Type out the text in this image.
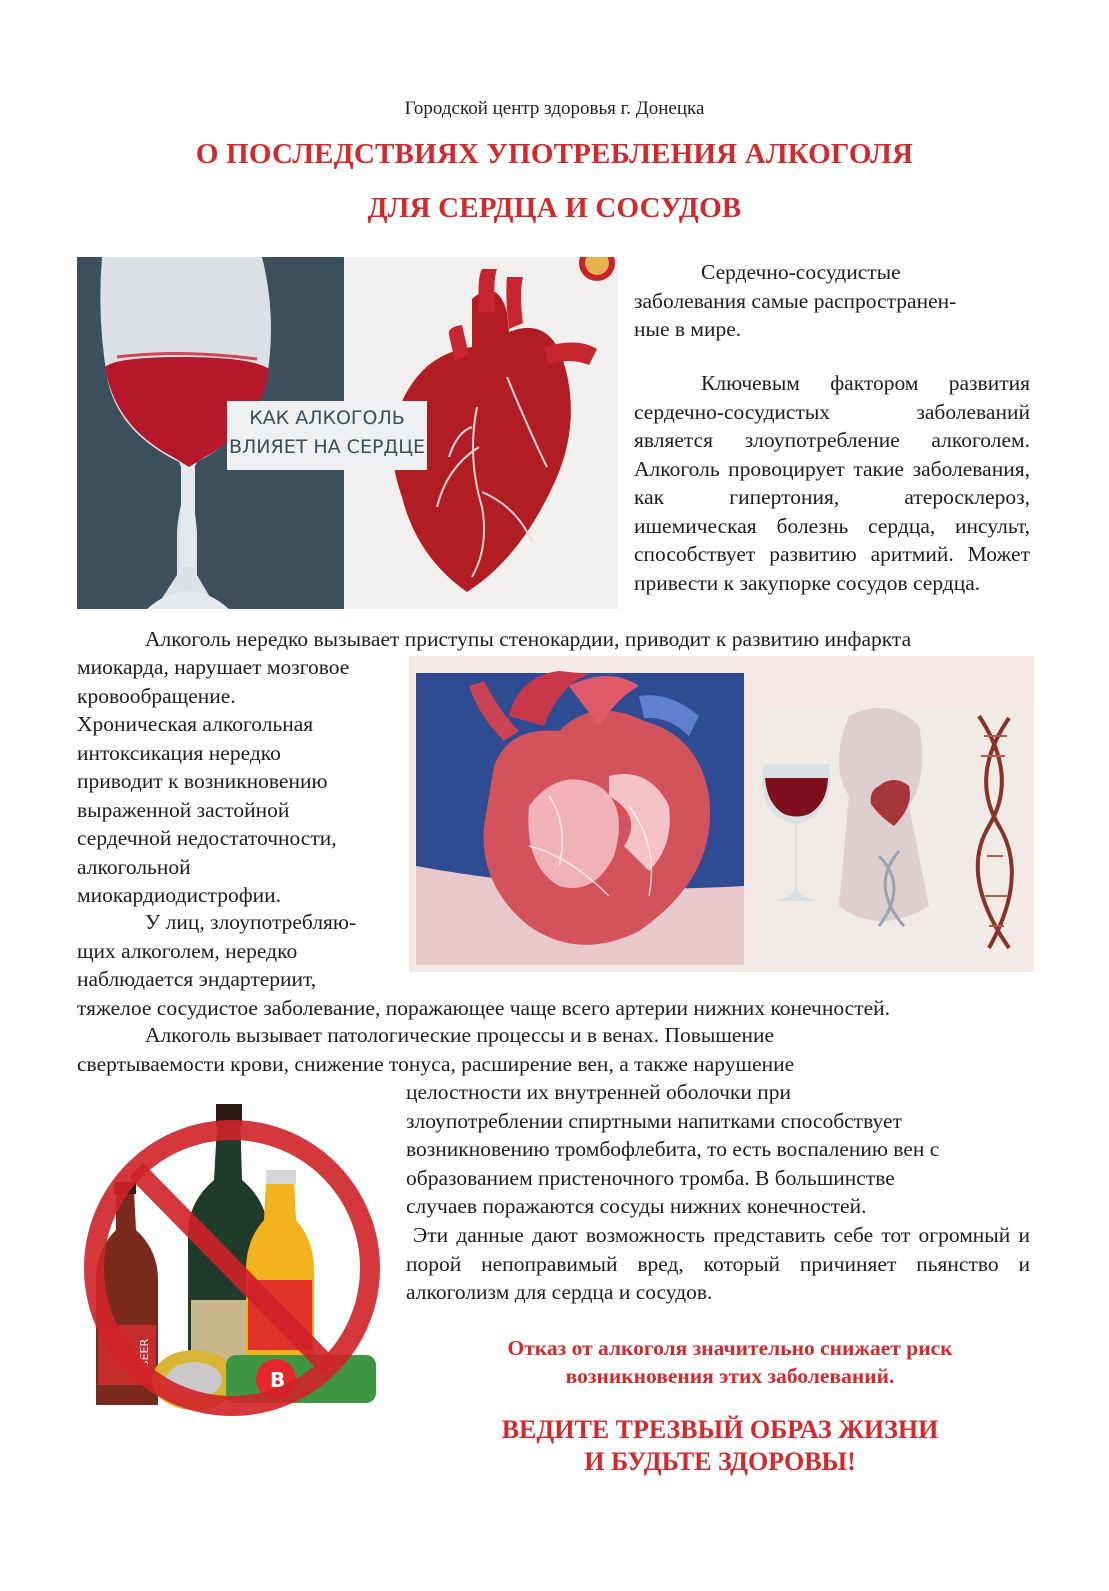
Городской центр здоровья г. Донецка
О ПОСЛЕДСТВИЯХ УПОТРЕБЛЕНИЯ АЛКОГОЛЯ
ДЛЯ СЕРДЦА И СОСУДОВ
КАК АЛКОГОЛЬ
ВЛИЯЕТ НА СЕРДЦЕ
Сердечно-сосудистые
заболевания самые распространен-
ные в мире.
Ключевым фактором развития сердечно-сосудистых заболеваний является злоупотребление алкоголем. Алкоголь провоцирует такие заболевания, как гипертония, атеросклероз, ишемическая болезнь сердца, инсульт, способствует развитию аритмий. Может привести к закупорке сосудов сердца.
Алкоголь нередко вызывает приступы стенокардии, приводит к развитию инфаркта
миокарда, нарушает мозговое
кровообращение.
Хроническая алкогольная
интоксикация нередко
приводит к возникновению
выраженной застойной
сердечной недостаточности,
алкогольной
миокардиодистрофии.
У лиц, злоупотребляю-
щих алкоголем, нередко
наблюдается эндартериит,
тяжелое сосудистое заболевание, поражающее чаще всего артерии нижних конечностей.
Алкоголь вызывает патологические процессы и в венах. Повышение
свертываемости крови, снижение тонуса, расширение вен, а также нарушение
целостности их внутренней оболочки при
злоупотреблении спиртными напитками способствует
возникновению тромбофлебита, то есть воспалению вен с
образованием пристеночного тромба. В большинстве
случаев поражаются сосуды нижних конечностей.
Эти данные дают возможность представить себе тот огромный и порой непоправимый вред, который причиняет пьянство и алкоголизм для сердца и сосудов.
BEER
B
Отказ от алкоголя значительно снижает риск
возникновения этих заболеваний.
ВЕДИТЕ ТРЕЗВЫЙ ОБРАЗ ЖИЗНИ
И БУДЬТЕ ЗДОРОВЫ!
